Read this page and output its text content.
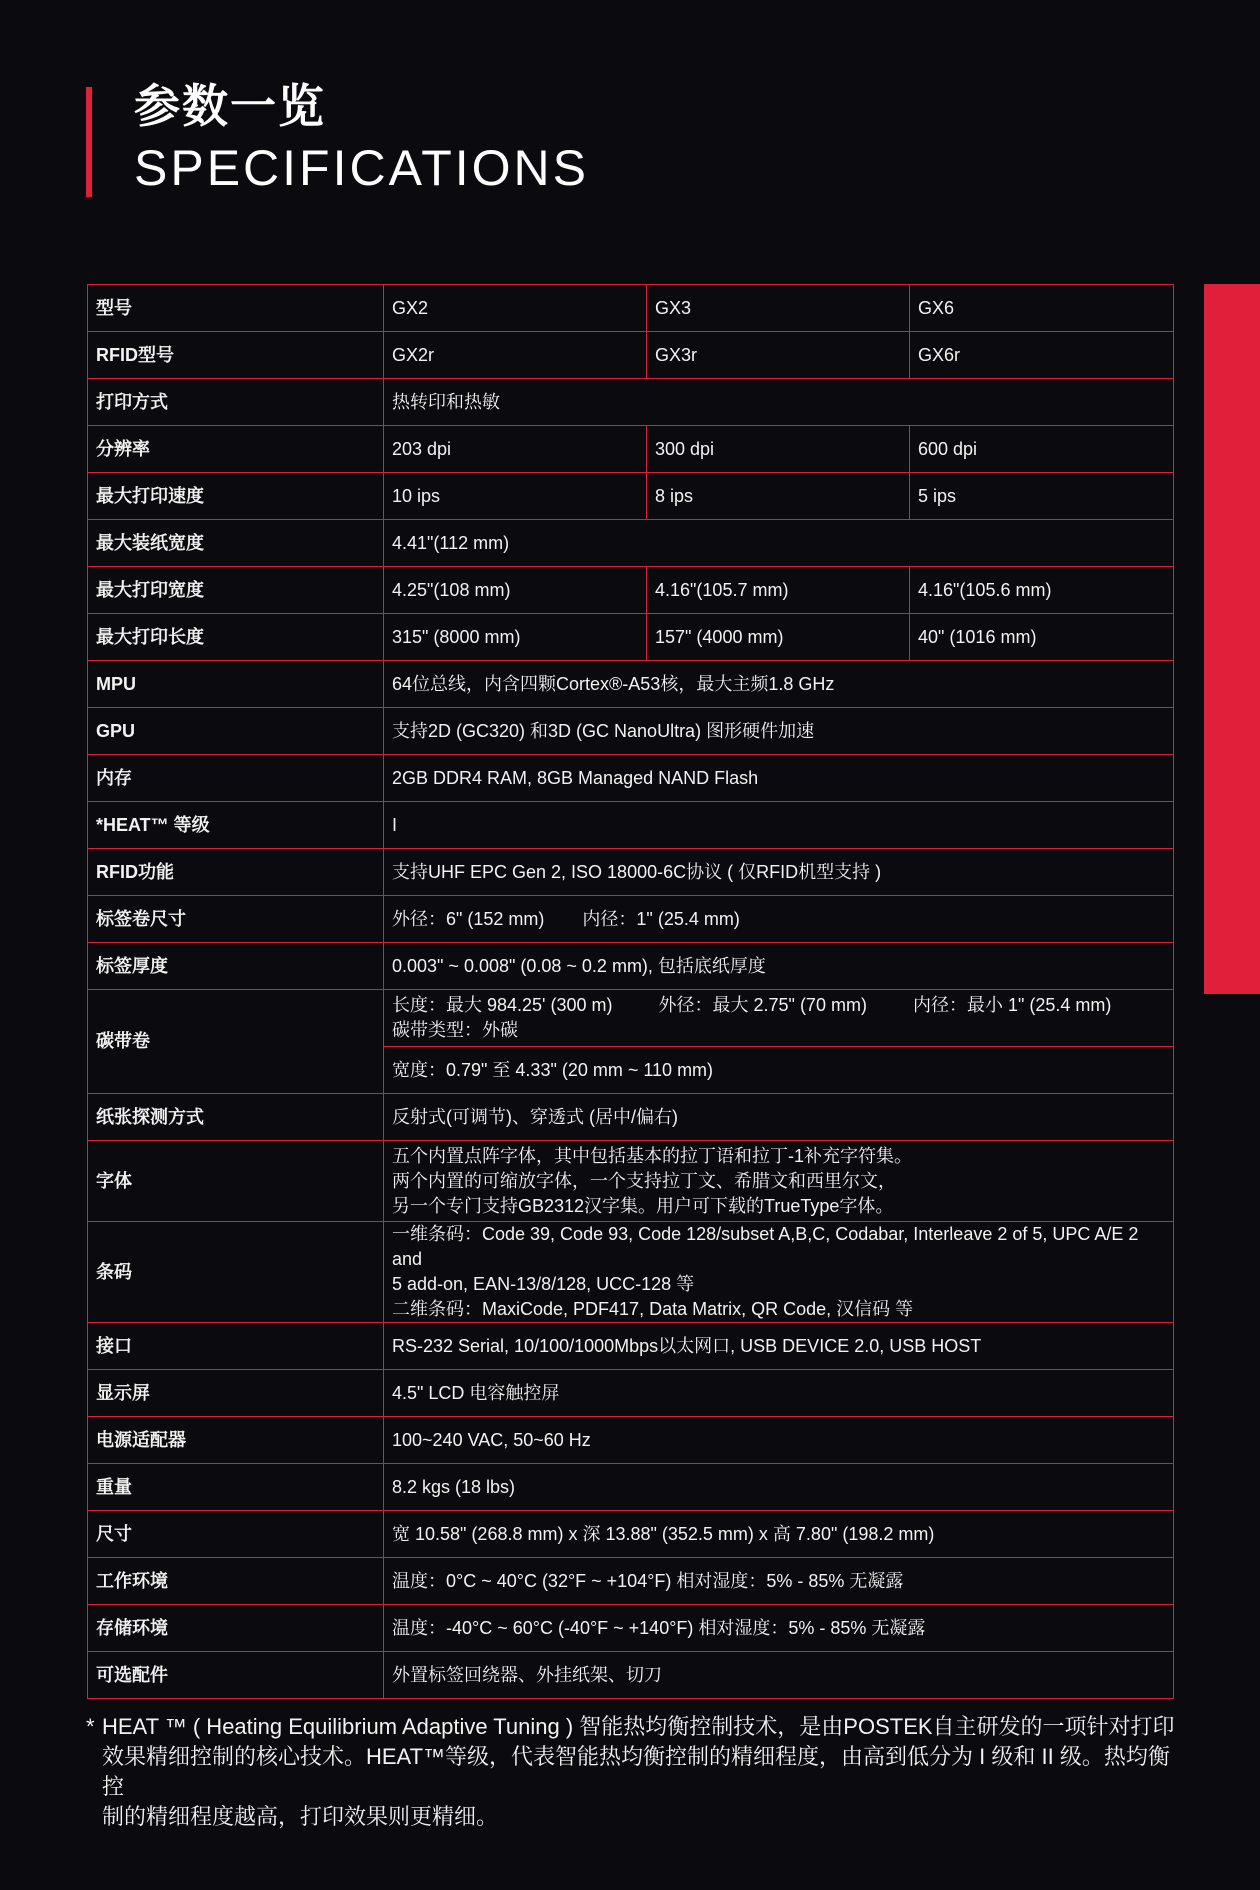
参数一览
SPECIFICATIONS
型号	GX2	GX3	GX6
RFID型号	GX2r	GX3r	GX6r
打印方式	热转印和热敏		
分辨率	203 dpi	300 dpi	600 dpi
最大打印速度	10 ips	8 ips	5 ips
最大装纸宽度	4.41"(112 mm)		
最大打印宽度	4.25"(108 mm)	4.16"(105.7 mm)	4.16"(105.6 mm)
最大打印长度	315" (8000 mm)	157" (4000 mm)	40" (1016 mm)
MPU	64位总线，内含四颗Cortex®-A53核，最大主频1.8 GHz		
GPU	支持2D (GC320) 和3D (GC NanoUltra) 图形硬件加速		
内存	2GB DDR4 RAM, 8GB Managed NAND Flash		
*HEAT™ 等级	I		
RFID功能	支持UHF EPC Gen 2, ISO 18000-6C协议 ( 仅RFID机型支持 )		
标签卷尺寸	外径：6" (152 mm) 内径：1" (25.4 mm)		
标签厚度	0.003" ~ 0.008" (0.08 ~ 0.2 mm), 包括底纸厚度		
碳带卷	长度：最大 984.25' (300 m) 外径：最大 2.75" (70 mm) 内径：最小 1" (25.4 mm)
碳带类型：外碳		
	宽度：0.79" 至 4.33" (20 mm ~ 110 mm)		
纸张探测方式	反射式(可调节)、穿透式 (居中/偏右)		
字体	五个内置点阵字体，其中包括基本的拉丁语和拉丁-1补充字符集。
两个内置的可缩放字体，一个支持拉丁文、希腊文和西里尔文，
另一个专门支持GB2312汉字集。用户可下载的TrueType字体。		
条码	一维条码：Code 39, Code 93, Code 128/subset A,B,C, Codabar, Interleave 2 of 5, UPC A/E 2 and
5 add-on, EAN-13/8/128, UCC-128 等
二维条码：MaxiCode, PDF417, Data Matrix, QR Code, 汉信码 等		
接口	RS-232 Serial, 10/100/1000Mbps以太网口, USB DEVICE 2.0, USB HOST		
显示屏	4.5" LCD 电容触控屏		
电源适配器	100~240 VAC, 50~60 Hz		
重量	8.2 kgs (18 lbs)		
尺寸	宽 10.58" (268.8 mm) x 深 13.88" (352.5 mm) x 高 7.80" (198.2 mm)		
工作环境	温度：0°C ~ 40°C (32°F ~ +104°F) 相对湿度：5% - 85% 无凝露		
存储环境	温度：-40°C ~ 60°C (-40°F ~ +140°F) 相对湿度：5% - 85% 无凝露		
可选配件	外置标签回绕器、外挂纸架、切刀		
* HEAT ™ ( Heating Equilibrium Adaptive Tuning ) 智能热均衡控制技术，是由POSTEK自主研发的一项针对打印
效果精细控制的核心技术。HEAT™等级，代表智能热均衡控制的精细程度，由高到低分为 I 级和 II 级。热均衡控
制的精细程度越高，打印效果则更精细。
